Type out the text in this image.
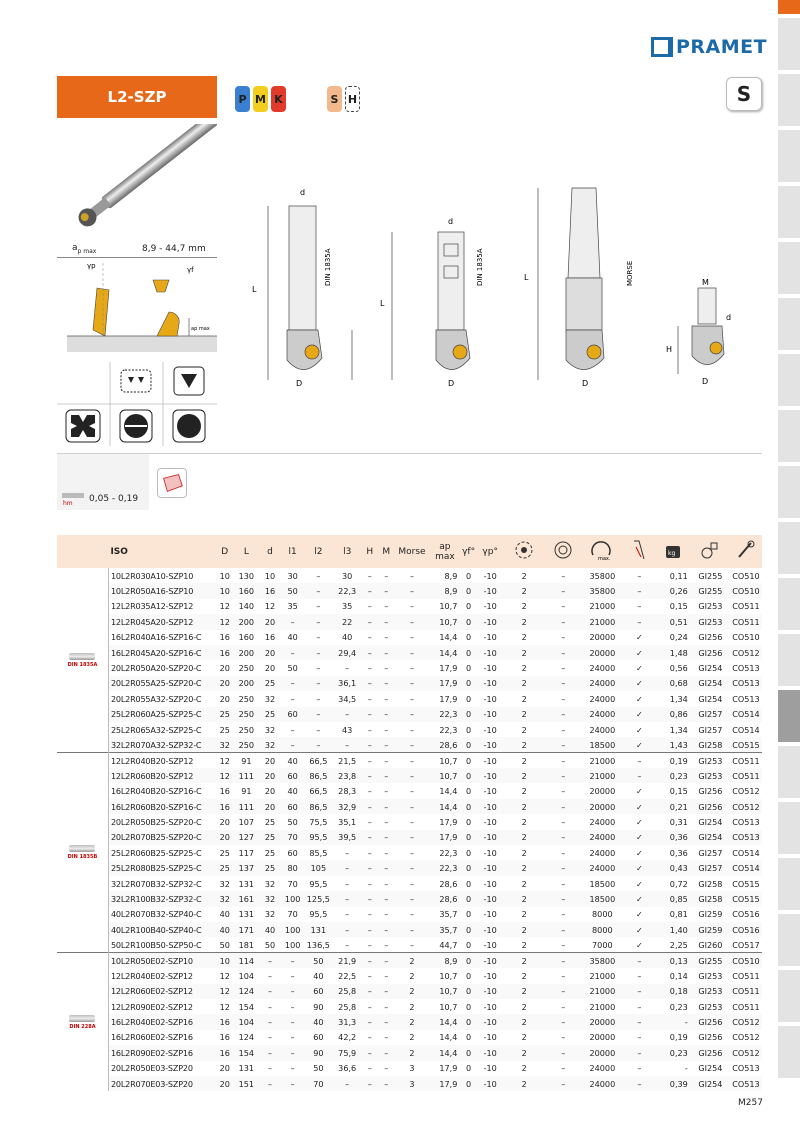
PRAMET
L2-SZP	P M K	S H	S
$a_{p max}$	8,9 - 44,7 mm
γp	γf
ap max
d
L
D
DIN 1835A
d
L
D
DIN 1835A	L
D
MORSE	M
H
d
D
hm 0,05 - 0,19
	ISO	D	L	d	l1	l2	l3	H	M	Morse	ap max	γf°	γp°			max.		kg

DIN 1835A	10L2R030A10-SZP10	10	130	10	30	–	30	–	–	–	8,9	0	-10	2	–	35800	–	0,11	GI255	CO510
	10L2R050A16-SZP10	10	160	16	50	–	22,3	–	–	–	8,9	0	-10	2	–	35800	–	0,26	GI255	CO510
	12L2R035A12-SZP12	12	140	12	35	–	35	–	–	–	10,7	0	-10	2	–	21000	–	0,15	GI253	CO511
	12L2R045A20-SZP12	12	200	20	–	–	22	–	–	–	10,7	0	-10	2	–	21000	–	0,51	GI253	CO511
	16L2R040A16-SZP16-C	16	160	16	40	–	40	–	–	–	14,4	0	-10	2	–	20000	✓	0,24	GI256	CO510
	16L2R045A20-SZP16-C	16	200	20	–	–	29,4	–	–	–	14,4	0	-10	2	–	20000	✓	1,48	GI256	CO512
	20L2R050A20-SZP20-C	20	250	20	50	–	–	–	–	–	17,9	0	-10	2	–	24000	✓	0,56	GI254	CO513
	20L2R055A25-SZP20-C	20	200	25	–	–	36,1	–	–	–	17,9	0	-10	2	–	24000	✓	0,68	GI254	CO513
	20L2R055A32-SZP20-C	20	250	32	–	–	34,5	–	–	–	17,9	0	-10	2	–	24000	✓	1,34	GI254	CO513
	25L2R060A25-SZP25-C	25	250	25	60	–	–	–	–	–	22,3	0	-10	2	–	24000	✓	0,86	GI257	CO514
	25L2R065A32-SZP25-C	25	250	32	–	–	43	–	–	–	22,3	0	-10	2	–	24000	✓	1,34	GI257	CO514
	32L2R070A32-SZP32-C	32	250	32	–	–	–	–	–	–	28,6	0	-10	2	–	18500	✓	1,43	GI258	CO515

DIN 1835B	12L2R040B20-SZP12	12	91	20	40	66,5	21,5	–	–	–	10,7	0	-10	2	–	21000	–	0,19	GI253	CO511
	12L2R060B20-SZP12	12	111	20	60	86,5	23,8	–	–	–	10,7	0	-10	2	–	21000	–	0,23	GI253	CO511
	16L2R040B20-SZP16-C	16	91	20	40	66,5	28,3	–	–	–	14,4	0	-10	2	–	20000	✓	0,15	GI256	CO512
	16L2R060B20-SZP16-C	16	111	20	60	86,5	32,9	–	–	–	14,4	0	-10	2	–	20000	✓	0,21	GI256	CO512
	20L2R050B25-SZP20-C	20	107	25	50	75,5	35,1	–	–	–	17,9	0	-10	2	–	24000	✓	0,31	GI254	CO513
	20L2R070B25-SZP20-C	20	127	25	70	95,5	39,5	–	–	–	17,9	0	-10	2	–	24000	✓	0,36	GI254	CO513
	25L2R060B25-SZP25-C	25	117	25	60	85,5	–	–	–	–	22,3	0	-10	2	–	24000	✓	0,36	GI257	CO514
	25L2R080B25-SZP25-C	25	137	25	80	105	–	–	–	–	22,3	0	-10	2	–	24000	✓	0,43	GI257	CO514
	32L2R070B32-SZP32-C	32	131	32	70	95,5	–	–	–	–	28,6	0	-10	2	–	18500	✓	0,72	GI258	CO515
	32L2R100B32-SZP32-C	32	161	32	100	125,5	–	–	–	–	28,6	0	-10	2	–	18500	✓	0,85	GI258	CO515
	40L2R070B32-SZP40-C	40	131	32	70	95,5	–	–	–	–	35,7	0	-10	2	–	8000	✓	0,81	GI259	CO516
	40L2R100B40-SZP40-C	40	171	40	100	131	–	–	–	–	35,7	0	-10	2	–	8000	✓	1,40	GI259	CO516
	50L2R100B50-SZP50-C	50	181	50	100	136,5	–	–	–	–	44,7	0	-10	2	–	7000	✓	2,25	GI260	CO517

DIN 228A	10L2R050E02-SZP10	10	114	–	–	50	21,9	–	–	2	8,9	0	-10	2	–	35800	–	0,13	GI255	CO510
	12L2R040E02-SZP12	12	104	–	–	40	22,5	–	–	2	10,7	0	-10	2	–	21000	–	0,14	GI253	CO511
	12L2R060E02-SZP12	12	124	–	–	60	25,8	–	–	2	10,7	0	-10	2	–	21000	–	0,18	GI253	CO511
	12L2R090E02-SZP12	12	154	–	–	90	25,8	–	–	2	10,7	0	-10	2	–	21000	–	0,23	GI253	CO511
	16L2R040E02-SZP16	16	104	–	–	40	31,3	–	–	2	14,4	0	-10	2	–	20000	–	-	GI256	CO512
	16L2R060E02-SZP16	16	124	–	–	60	42,2	–	–	2	14,4	0	-10	2	–	20000	–	0,19	GI256	CO512
	16L2R090E02-SZP16	16	154	–	–	90	75,9	–	–	2	14,4	0	-10	2	–	20000	–	0,23	GI256	CO512
	20L2R050E03-SZP20	20	131	–	–	50	36,6	–	–	3	17,9	0	-10	2	–	24000	–	-	GI254	CO513
	20L2R070E03-SZP20	20	151	–	–	70	–	–	–	3	17,9	0	-10	2	–	24000	–	0,39	GI254	CO513
M257
